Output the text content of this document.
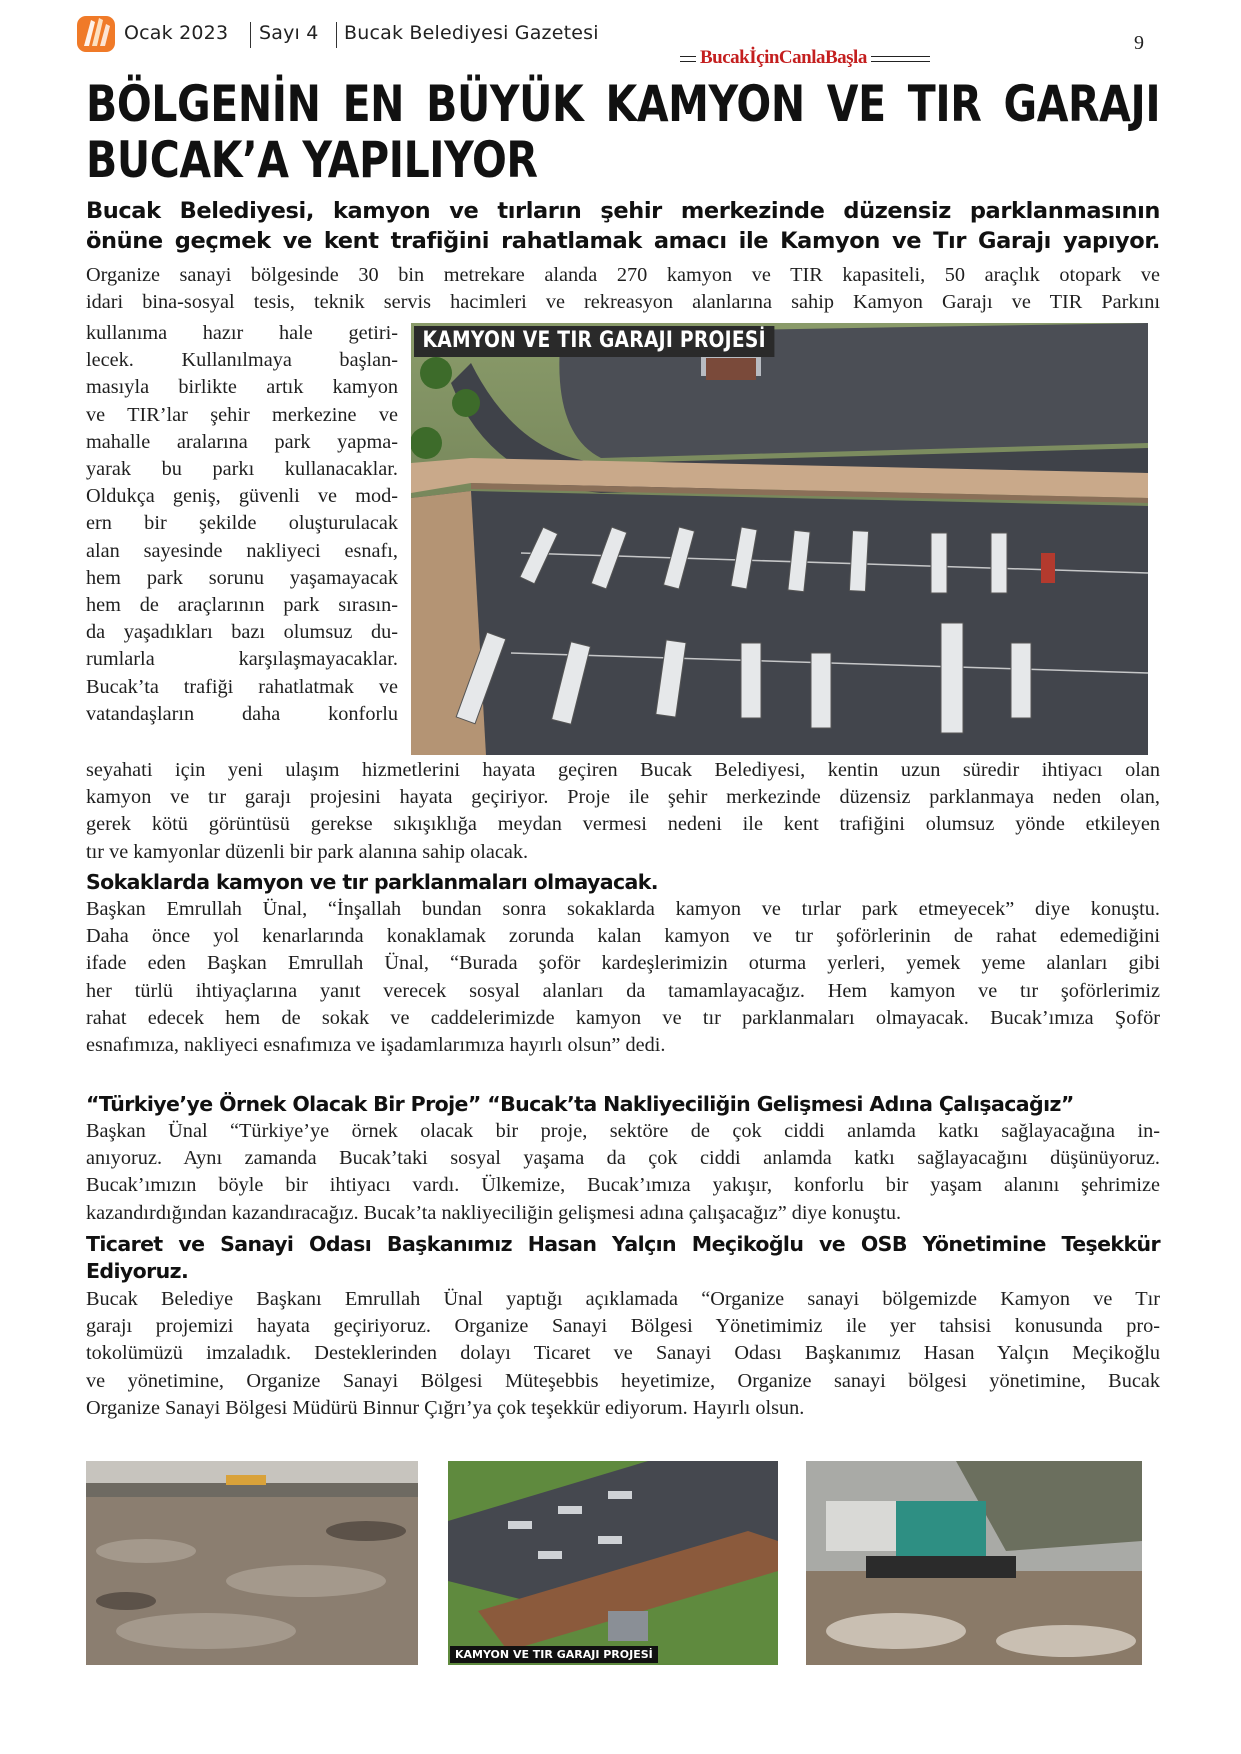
Ocak 2023 Sayı 4 Bucak Belediyesi Gazetesi
BucakİçinCanlaBaşla
9
BÖLGENİN EN BÜYÜK KAMYON VE TIR GARAJI
BUCAK’A YAPILIYOR
Bucak Belediyesi, kamyon ve tırların şehir merkezinde düzensiz parklanmasının
önüne geçmek ve kent trafiğini rahatlamak amacı ile Kamyon ve Tır Garajı yapıyor.
Organize sanayi bölgesinde 30 bin metrekare alanda 270 kamyon ve TIR kapasiteli, 50 araçlık otopark ve
idari bina-sosyal tesis, teknik servis hacimleri ve rekreasyon alanlarına sahip Kamyon Garajı ve TIR Parkını
kullanıma hazır hale getiri-
lecek. Kullanılmaya başlan-
masıyla birlikte artık kamyon
ve TIR’lar şehir merkezine ve
mahalle aralarına park yapma-
yarak bu parkı kullanacaklar.
Oldukça geniş, güvenli ve mod-
ern bir şekilde oluşturulacak
alan sayesinde nakliyeci esnafı,
hem park sorunu yaşamayacak
hem de araçlarının park sırasın-
da yaşadıkları bazı olumsuz du-
rumlarla karşılaşmayacaklar.
Bucak’ta trafiği rahatlatmak ve
vatandaşların daha konforlu
KAMYON VE TIR GARAJI PROJESİ
seyahati için yeni ulaşım hizmetlerini hayata geçiren Bucak Belediyesi, kentin uzun süredir ihtiyacı olan
kamyon ve tır garajı projesini hayata geçiriyor. Proje ile şehir merkezinde düzensiz parklanmaya neden olan,
gerek kötü görüntüsü gerekse sıkışıklığa meydan vermesi nedeni ile kent trafiğini olumsuz yönde etkileyen
tır ve kamyonlar düzenli bir park alanına sahip olacak.
Sokaklarda kamyon ve tır parklanmaları olmayacak.
Başkan Emrullah Ünal, “İnşallah bundan sonra sokaklarda kamyon ve tırlar park etmeyecek” diye konuştu.
Daha önce yol kenarlarında konaklamak zorunda kalan kamyon ve tır şoförlerinin de rahat edemediğini
ifade eden Başkan Emrullah Ünal, “Burada şoför kardeşlerimizin oturma yerleri, yemek yeme alanları gibi
her türlü ihtiyaçlarına yanıt verecek sosyal alanları da tamamlayacağız. Hem kamyon ve tır şoförlerimiz
rahat edecek hem de sokak ve caddelerimizde kamyon ve tır parklanmaları olmayacak. Bucak’ımıza Şoför
esnafımıza, nakliyeci esnafımıza ve işadamlarımıza hayırlı olsun” dedi.
“Türkiye’ye Örnek Olacak Bir Proje” “Bucak’ta Nakliyeciliğin Gelişmesi Adına Çalışacağız”
Başkan Ünal “Türkiye’ye örnek olacak bir proje, sektöre de çok ciddi anlamda katkı sağlayacağına in-
anıyoruz. Aynı zamanda Bucak’taki sosyal yaşama da çok ciddi anlamda katkı sağlayacağını düşünüyoruz.
Bucak’ımızın böyle bir ihtiyacı vardı. Ülkemize, Bucak’ımıza yakışır, konforlu bir yaşam alanını şehrimize
kazandırdığından kazandıracağız. Bucak’ta nakliyeciliğin gelişmesi adına çalışacağız” diye konuştu.
Ticaret ve Sanayi Odası Başkanımız Hasan Yalçın Meçikoğlu ve OSB Yönetimine Teşekkür
Ediyoruz.
Bucak Belediye Başkanı Emrullah Ünal yaptığı açıklamada “Organize sanayi bölgemizde Kamyon ve Tır
garajı projemizi hayata geçiriyoruz. Organize Sanayi Bölgesi Yönetimimiz ile yer tahsisi konusunda pro-
tokolümüzü imzaladık. Desteklerinden dolayı Ticaret ve Sanayi Odası Başkanımız Hasan Yalçın Meçikoğlu
ve yönetimine, Organize Sanayi Bölgesi Müteşebbis heyetimize, Organize sanayi bölgesi yönetimine, Bucak
Organize Sanayi Bölgesi Müdürü Binnur Çığrı’ya çok teşekkür ediyorum. Hayırlı olsun.
KAMYON VE TIR GARAJI PROJESİ
